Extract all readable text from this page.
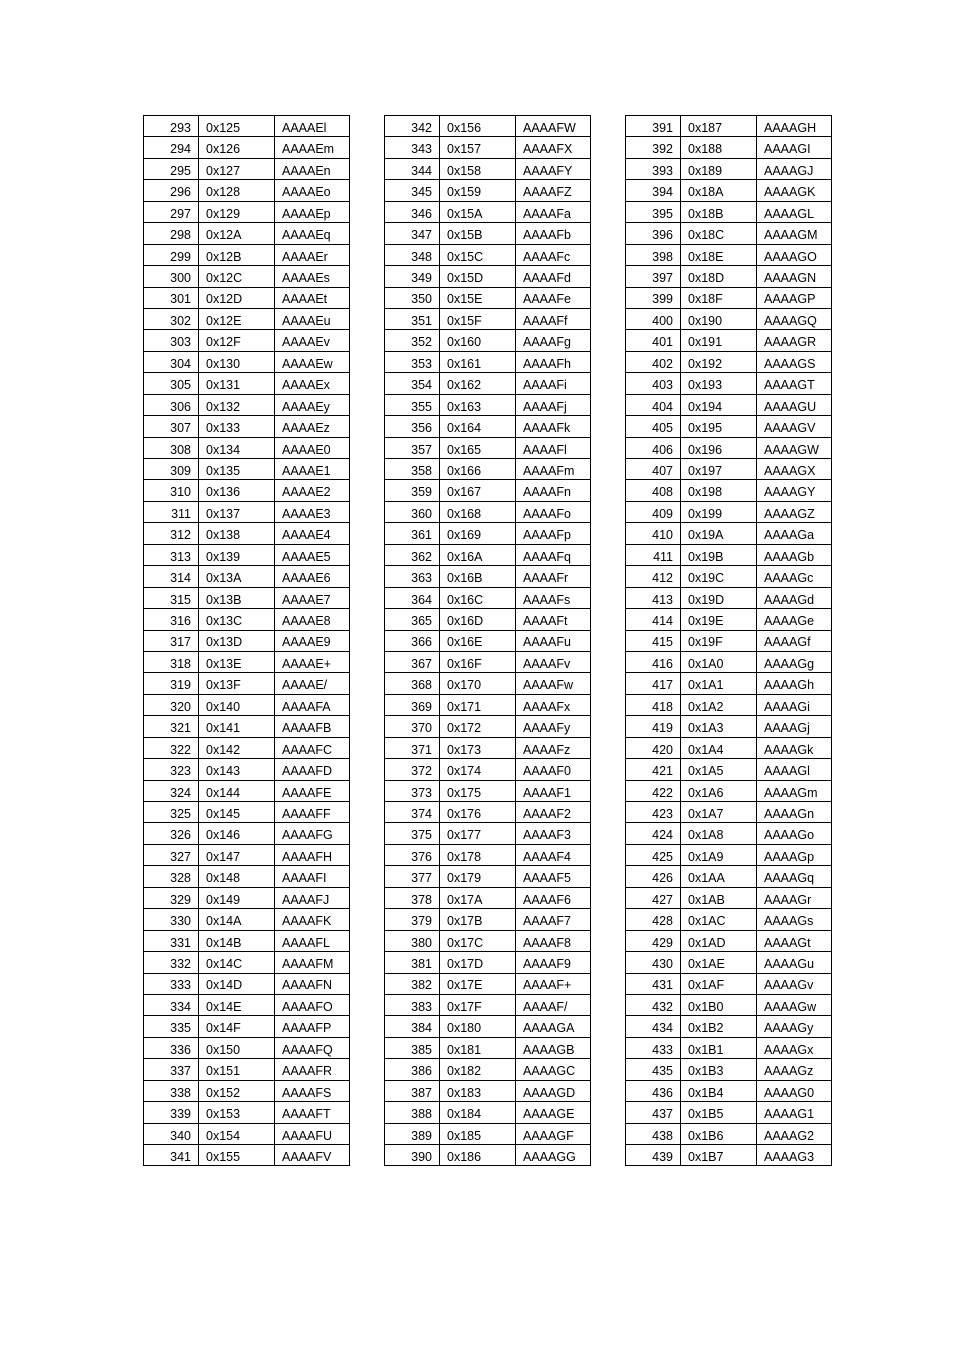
293	0x125	AAAAEl
294	0x126	AAAAEm
295	0x127	AAAAEn
296	0x128	AAAAEo
297	0x129	AAAAEp
298	0x12A	AAAAEq
299	0x12B	AAAAEr
300	0x12C	AAAAEs
301	0x12D	AAAAEt
302	0x12E	AAAAEu
303	0x12F	AAAAEv
304	0x130	AAAAEw
305	0x131	AAAAEx
306	0x132	AAAAEy
307	0x133	AAAAEz
308	0x134	AAAAE0
309	0x135	AAAAE1
310	0x136	AAAAE2
311	0x137	AAAAE3
312	0x138	AAAAE4
313	0x139	AAAAE5
314	0x13A	AAAAE6
315	0x13B	AAAAE7
316	0x13C	AAAAE8
317	0x13D	AAAAE9
318	0x13E	AAAAE+
319	0x13F	AAAAE/
320	0x140	AAAAFA
321	0x141	AAAAFB
322	0x142	AAAAFC
323	0x143	AAAAFD
324	0x144	AAAAFE
325	0x145	AAAAFF
326	0x146	AAAAFG
327	0x147	AAAAFH
328	0x148	AAAAFI
329	0x149	AAAAFJ
330	0x14A	AAAAFK
331	0x14B	AAAAFL
332	0x14C	AAAAFM
333	0x14D	AAAAFN
334	0x14E	AAAAFO
335	0x14F	AAAAFP
336	0x150	AAAAFQ
337	0x151	AAAAFR
338	0x152	AAAAFS
339	0x153	AAAAFT
340	0x154	AAAAFU
341	0x155	AAAAFV
342	0x156	AAAAFW
343	0x157	AAAAFX
344	0x158	AAAAFY
345	0x159	AAAAFZ
346	0x15A	AAAAFa
347	0x15B	AAAAFb
348	0x15C	AAAAFc
349	0x15D	AAAAFd
350	0x15E	AAAAFe
351	0x15F	AAAAFf
352	0x160	AAAAFg
353	0x161	AAAAFh
354	0x162	AAAAFi
355	0x163	AAAAFj
356	0x164	AAAAFk
357	0x165	AAAAFl
358	0x166	AAAAFm
359	0x167	AAAAFn
360	0x168	AAAAFo
361	0x169	AAAAFp
362	0x16A	AAAAFq
363	0x16B	AAAAFr
364	0x16C	AAAAFs
365	0x16D	AAAAFt
366	0x16E	AAAAFu
367	0x16F	AAAAFv
368	0x170	AAAAFw
369	0x171	AAAAFx
370	0x172	AAAAFy
371	0x173	AAAAFz
372	0x174	AAAAF0
373	0x175	AAAAF1
374	0x176	AAAAF2
375	0x177	AAAAF3
376	0x178	AAAAF4
377	0x179	AAAAF5
378	0x17A	AAAAF6
379	0x17B	AAAAF7
380	0x17C	AAAAF8
381	0x17D	AAAAF9
382	0x17E	AAAAF+
383	0x17F	AAAAF/
384	0x180	AAAAGA
385	0x181	AAAAGB
386	0x182	AAAAGC
387	0x183	AAAAGD
388	0x184	AAAAGE
389	0x185	AAAAGF
390	0x186	AAAAGG
391	0x187	AAAAGH
392	0x188	AAAAGI
393	0x189	AAAAGJ
394	0x18A	AAAAGK
395	0x18B	AAAAGL
396	0x18C	AAAAGM
398	0x18E	AAAAGO
397	0x18D	AAAAGN
399	0x18F	AAAAGP
400	0x190	AAAAGQ
401	0x191	AAAAGR
402	0x192	AAAAGS
403	0x193	AAAAGT
404	0x194	AAAAGU
405	0x195	AAAAGV
406	0x196	AAAAGW
407	0x197	AAAAGX
408	0x198	AAAAGY
409	0x199	AAAAGZ
410	0x19A	AAAAGa
411	0x19B	AAAAGb
412	0x19C	AAAAGc
413	0x19D	AAAAGd
414	0x19E	AAAAGe
415	0x19F	AAAAGf
416	0x1A0	AAAAGg
417	0x1A1	AAAAGh
418	0x1A2	AAAAGi
419	0x1A3	AAAAGj
420	0x1A4	AAAAGk
421	0x1A5	AAAAGl
422	0x1A6	AAAAGm
423	0x1A7	AAAAGn
424	0x1A8	AAAAGo
425	0x1A9	AAAAGp
426	0x1AA	AAAAGq
427	0x1AB	AAAAGr
428	0x1AC	AAAAGs
429	0x1AD	AAAAGt
430	0x1AE	AAAAGu
431	0x1AF	AAAAGv
432	0x1B0	AAAAGw
434	0x1B2	AAAAGy
433	0x1B1	AAAAGx
435	0x1B3	AAAAGz
436	0x1B4	AAAAG0
437	0x1B5	AAAAG1
438	0x1B6	AAAAG2
439	0x1B7	AAAAG3
